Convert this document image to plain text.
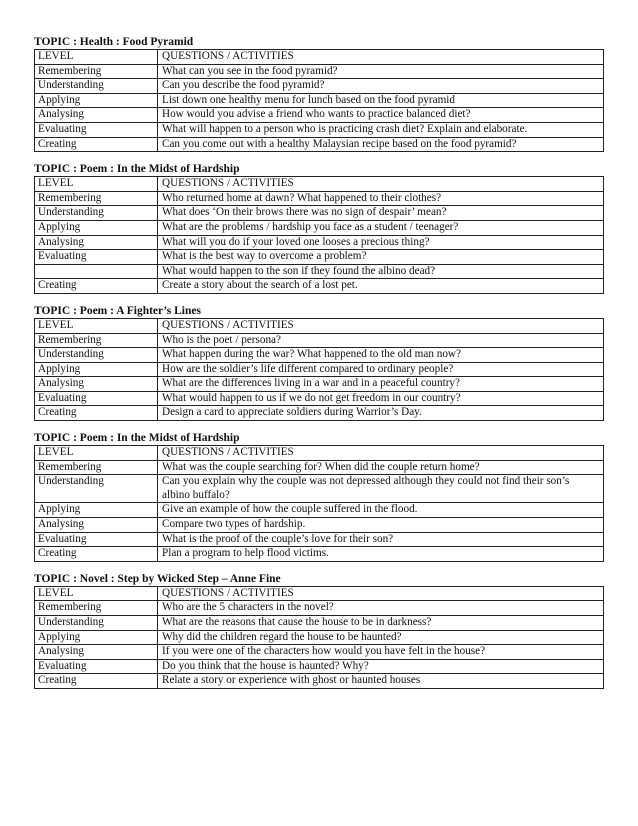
TOPIC : Health : Food Pyramid
LEVEL	QUESTIONS / ACTIVITIES
Remembering	What can you see in the food pyramid?
Understanding	Can you describe the food pyramid?
Applying	List down one healthy menu for lunch based on the food pyramid
Analysing	How would you advise a friend who wants to practice balanced diet?
Evaluating	What will happen to a person who is practicing crash diet? Explain and elaborate.
Creating	Can you come out with a healthy Malaysian recipe based on the food pyramid?
TOPIC : Poem : In the Midst of Hardship
LEVEL	QUESTIONS / ACTIVITIES
Remembering	Who returned home at dawn? What happened to their clothes?
Understanding	What does ‘On their brows there was no sign of despair’ mean?
Applying	What are the problems / hardship you face as a student / teenager?
Analysing	What will you do if your loved one looses a precious thing?
Evaluating	What is the best way to overcome a problem?
	What would happen to the son if they found the albino dead?
Creating	Create a story about the search of a lost pet.
TOPIC : Poem : A Fighter’s Lines
LEVEL	QUESTIONS / ACTIVITIES
Remembering	Who is the poet / persona?
Understanding	What happen during the war? What happened to the old man now?
Applying	How are the soldier’s life different compared to ordinary people?
Analysing	What are the differences living in a war and in a peaceful country?
Evaluating	What would happen to us if we do not get freedom in our country?
Creating	Design a card to appreciate soldiers during Warrior’s Day.
TOPIC : Poem : In the Midst of Hardship
LEVEL	QUESTIONS / ACTIVITIES
Remembering	What was the couple searching for? When did the couple return home?
Understanding	Can you explain why the couple was not depressed although they could not find their son’s albino buffalo?
Applying	Give an example of how the couple suffered in the flood.
Analysing	Compare two types of hardship.
Evaluating	What is the proof of the couple’s love for their son?
Creating	Plan a program to help flood victims.
TOPIC : Novel : Step by Wicked Step – Anne Fine
LEVEL	QUESTIONS / ACTIVITIES
Remembering	Who are the 5 characters in the novel?
Understanding	What are the reasons that cause the house to be in darkness?
Applying	Why did the children regard the house to be haunted?
Analysing	If you were one of the characters how would you have felt in the house?
Evaluating	Do you think that the house is haunted? Why?
Creating	Relate a story or experience with ghost or haunted houses
